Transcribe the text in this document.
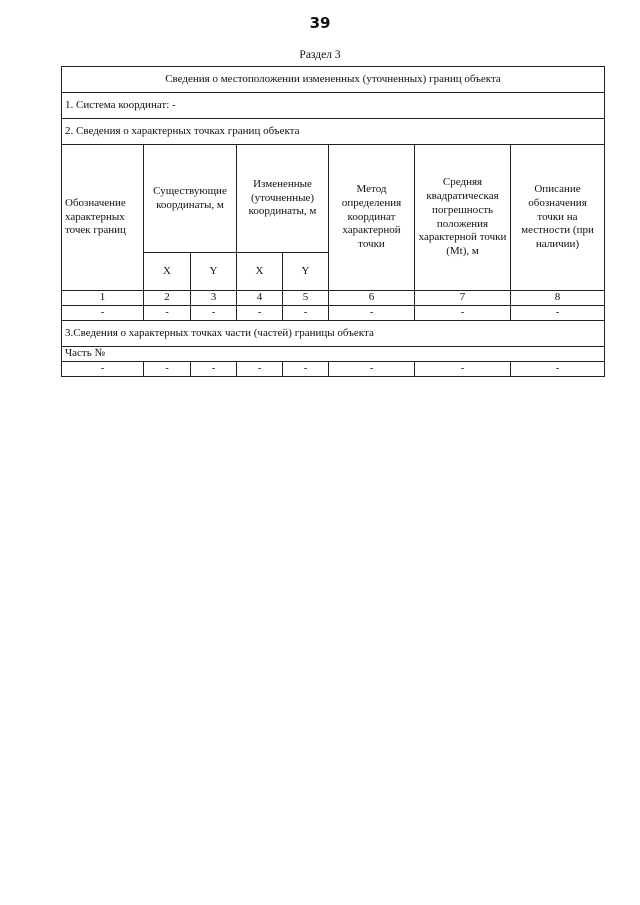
39
Раздел 3
Сведения о местоположении измененных (уточненных) границ объекта							
1. Система координат: -							
2. Сведения о характерных точках границ объекта							
Обозначение характерных точек границ	Существующие координаты, м		Измененные (уточненные) координаты, м		Метод определения координат характерной точки	Средняя квадратическая погрешность положения характерной точки (Mt), м	Описание обозначения точки на местности (при наличии)
	X	Y	X	Y			
1	2	3	4	5	6	7	8
-	-	-	-	-	-	-	-
3.Сведения о характерных точках части (частей) границы объекта							
Часть №							
-	-	-	-	-	-	-	-
